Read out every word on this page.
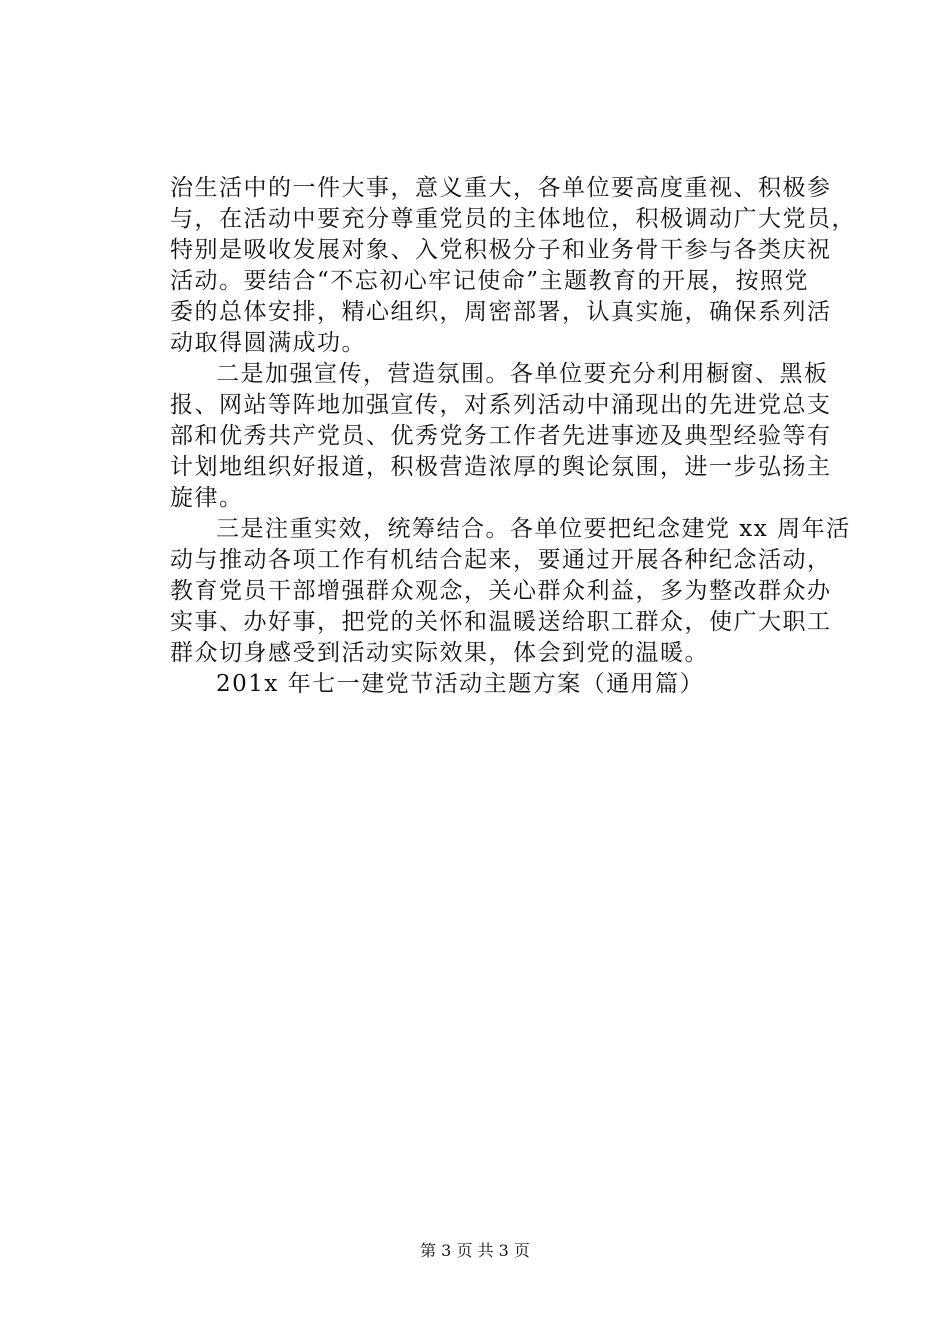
治生活中的一件大事，意义重大，各单位要高度重视、积极参
与，在活动中要充分尊重党员的主体地位，积极调动广大党员，
特别是吸收发展对象、入党积极分子和业务骨干参与各类庆祝
活动。要结合“不忘初心牢记使命”主题教育的开展，按照党
委的总体安排，精心组织，周密部署，认真实施，确保系列活
动取得圆满成功。
二是加强宣传，营造氛围。各单位要充分利用橱窗、黑板
报、网站等阵地加强宣传，对系列活动中涌现出的先进党总支
部和优秀共产党员、优秀党务工作者先进事迹及典型经验等有
计划地组织好报道，积极营造浓厚的舆论氛围，进一步弘扬主
旋律。
三是注重实效，统筹结合。各单位要把纪念建党 xx 周年活
动与推动各项工作有机结合起来，要通过开展各种纪念活动，
教育党员干部增强群众观念，关心群众利益，多为整改群众办
实事、办好事，把党的关怀和温暖送给职工群众，使广大职工
群众切身感受到活动实际效果，体会到党的温暖。
201x 年七一建党节活动主题方案（通用篇）
第 3 页 共 3 页
